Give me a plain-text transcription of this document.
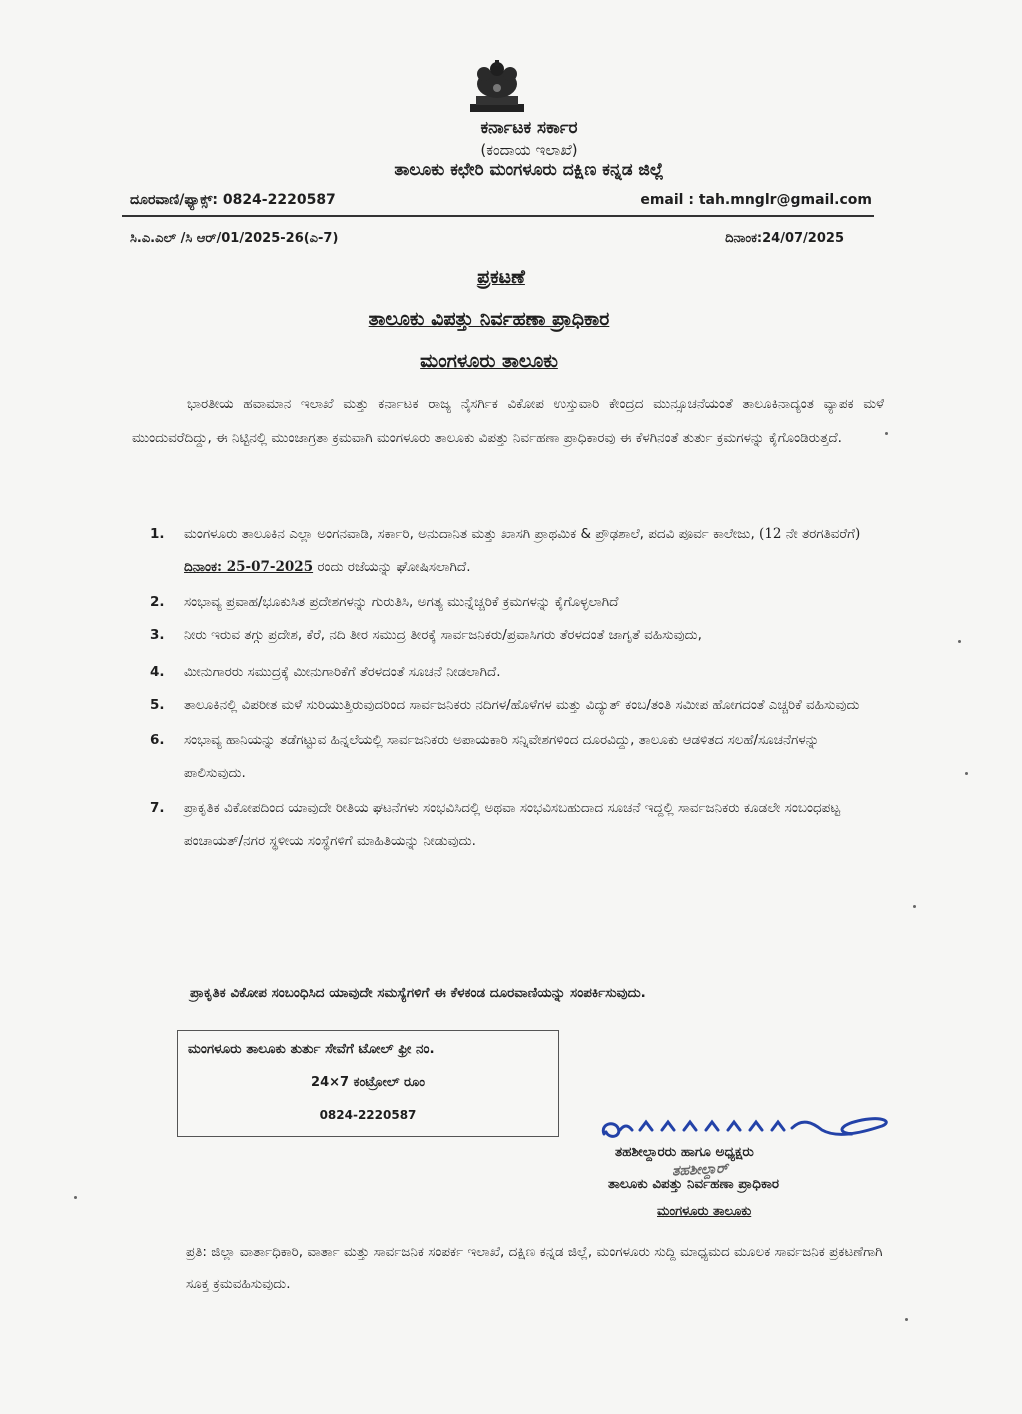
ಕರ್ನಾಟಕ ಸರ್ಕಾರ
(ಕಂದಾಯ ಇಲಾಖೆ)
ತಾಲೂಕು ಕಛೇರಿ ಮಂಗಳೂರು ದಕ್ಷಿಣ ಕನ್ನಡ ಜಿಲ್ಲೆ
ದೂರವಾಣಿ/ಫ್ಯಾಕ್ಸ್: 0824-2220587	email : tah.mnglr@gmail.com
ಸಿ.ಎ.ಎಲ್ /ಸಿ ಆರ್/01/2025-26(ಎ-7)	ದಿನಾಂಕ:24/07/2025
ಪ್ರಕಟಣೆ
ತಾಲೂಕು ವಿಪತ್ತು ನಿರ್ವಹಣಾ ಪ್ರಾಧಿಕಾರ
ಮಂಗಳೂರು ತಾಲೂಕು
ಭಾರತೀಯ ಹವಾಮಾನ ಇಲಾಖೆ ಮತ್ತು ಕರ್ನಾಟಕ ರಾಜ್ಯ ನೈಸರ್ಗಿಕ ವಿಕೋಪ ಉಸ್ತುವಾರಿ ಕೇಂದ್ರದ ಮುನ್ಸೂಚನೆಯಂತೆ ತಾಲೂಕಿನಾದ್ಯಂತ ವ್ಯಾಪಕ ಮಳೆ ಮುಂದುವರೆದಿದ್ದು, ಈ ನಿಟ್ಟಿನಲ್ಲಿ ಮುಂಜಾಗ್ರತಾ ಕ್ರಮವಾಗಿ ಮಂಗಳೂರು ತಾಲೂಕು ವಿಪತ್ತು ನಿರ್ವಹಣಾ ಪ್ರಾಧಿಕಾರವು ಈ ಕೆಳಗಿನಂತೆ ತುರ್ತು ಕ್ರಮಗಳನ್ನು ಕೈಗೊಂಡಿರುತ್ತದೆ.
1. ಮಂಗಳೂರು ತಾಲೂಕಿನ ಎಲ್ಲಾ ಅಂಗನವಾಡಿ, ಸರ್ಕಾರಿ, ಅನುದಾನಿತ ಮತ್ತು ಖಾಸಗಿ ಪ್ರಾಥಮಿಕ & ಪ್ರೌಢಶಾಲೆ, ಪದವಿ ಪೂರ್ವ ಕಾಲೇಜು, (12 ನೇ ತರಗತಿವರೆಗೆ) ದಿನಾಂಕ: 25-07-2025 ರಂದು ರಜೆಯನ್ನು ಘೋಷಿಸಲಾಗಿದೆ.
2. ಸಂಭಾವ್ಯ ಪ್ರವಾಹ/ಭೂಕುಸಿತ ಪ್ರದೇಶಗಳನ್ನು ಗುರುತಿಸಿ, ಅಗತ್ಯ ಮುನ್ನೆಚ್ಚರಿಕೆ ಕ್ರಮಗಳನ್ನು ಕೈಗೊಳ್ಳಲಾಗಿದೆ
3. ನೀರು ಇರುವ ತಗ್ಗು ಪ್ರದೇಶ, ಕೆರೆ, ನದಿ ತೀರ ಸಮುದ್ರ ತೀರಕ್ಕೆ ಸಾರ್ವಜನಿಕರು/ಪ್ರವಾಸಿಗರು ತೆರಳದಂತೆ ಜಾಗೃತೆ ವಹಿಸುವುದು,
4. ಮೀನುಗಾರರು ಸಮುದ್ರಕ್ಕೆ ಮೀನುಗಾರಿಕೆಗೆ ತೆರಳದಂತೆ ಸೂಚನೆ ನೀಡಲಾಗಿದೆ.
5. ತಾಲೂಕಿನಲ್ಲಿ ವಿಪರೀತ ಮಳೆ ಸುರಿಯುತ್ತಿರುವುದರಿಂದ ಸಾರ್ವಜನಿಕರು ನದಿಗಳ/ಹೊಳೆಗಳ ಮತ್ತು ವಿದ್ಯುತ್ ಕಂಬ/ತಂತಿ ಸಮೀಪ ಹೋಗದಂತೆ ಎಚ್ಚರಿಕೆ ವಹಿಸುವುದು
6. ಸಂಭಾವ್ಯ ಹಾನಿಯನ್ನು ತಡೆಗಟ್ಟುವ ಹಿನ್ನಲೆಯಲ್ಲಿ ಸಾರ್ವಜನಿಕರು ಅಪಾಯಕಾರಿ ಸನ್ನಿವೇಶಗಳಿಂದ ದೂರವಿದ್ದು, ತಾಲೂಕು ಆಡಳಿತದ ಸಲಹೆ/ಸೂಚನೆಗಳನ್ನು ಪಾಲಿಸುವುದು.
7. ಪ್ರಾಕೃತಿಕ ವಿಕೋಪದಿಂದ ಯಾವುದೇ ರೀತಿಯ ಘಟನೆಗಳು ಸಂಭವಿಸಿದಲ್ಲಿ ಅಥವಾ ಸಂಭವಿಸಬಹುದಾದ ಸೂಚನೆ ಇದ್ದಲ್ಲಿ ಸಾರ್ವಜನಿಕರು ಕೂಡಲೇ ಸಂಬಂಧಪಟ್ಟ ಪಂಚಾಯತ್/ನಗರ ಸ್ಥಳೀಯ ಸಂಸ್ಥೆಗಳಿಗೆ ಮಾಹಿತಿಯನ್ನು ನೀಡುವುದು.
ಪ್ರಾಕೃತಿಕ ವಿಕೋಪ ಸಂಬಂಧಿಸಿದ ಯಾವುದೇ ಸಮಸ್ಯೆಗಳಿಗೆ ಈ ಕೆಳಕಂಡ ದೂರವಾಣಿಯನ್ನು ಸಂಪರ್ಕಿಸುವುದು.
ಮಂಗಳೂರು ತಾಲೂಕು ತುರ್ತು ಸೇವೆಗೆ ಟೋಲ್ ಫ್ರೀ ನಂ.
24×7 ಕಂಟ್ರೋಲ್ ರೂಂ
0824-2220587
ತಹಶೀಲ್ದಾರರು ಹಾಗೂ ಅಧ್ಯಕ್ಷರು
ತಹಶೀಲ್ದಾರ್
ತಾಲೂಕು ವಿಪತ್ತು ನಿರ್ವಹಣಾ ಪ್ರಾಧಿಕಾರ
ಮಂಗಳೂರು ತಾಲೂಕು
ಪ್ರತಿ: ಜಿಲ್ಲಾ ವಾರ್ತಾಧಿಕಾರಿ, ವಾರ್ತಾ ಮತ್ತು ಸಾರ್ವಜನಿಕ ಸಂಪರ್ಕ ಇಲಾಖೆ, ದಕ್ಷಿಣ ಕನ್ನಡ ಜಿಲ್ಲೆ, ಮಂಗಳೂರು ಸುದ್ದಿ ಮಾಧ್ಯಮದ ಮೂಲಕ ಸಾರ್ವಜನಿಕ ಪ್ರಕಟಣೆಗಾಗಿ ಸೂಕ್ತ ಕ್ರಮವಹಿಸುವುದು.
